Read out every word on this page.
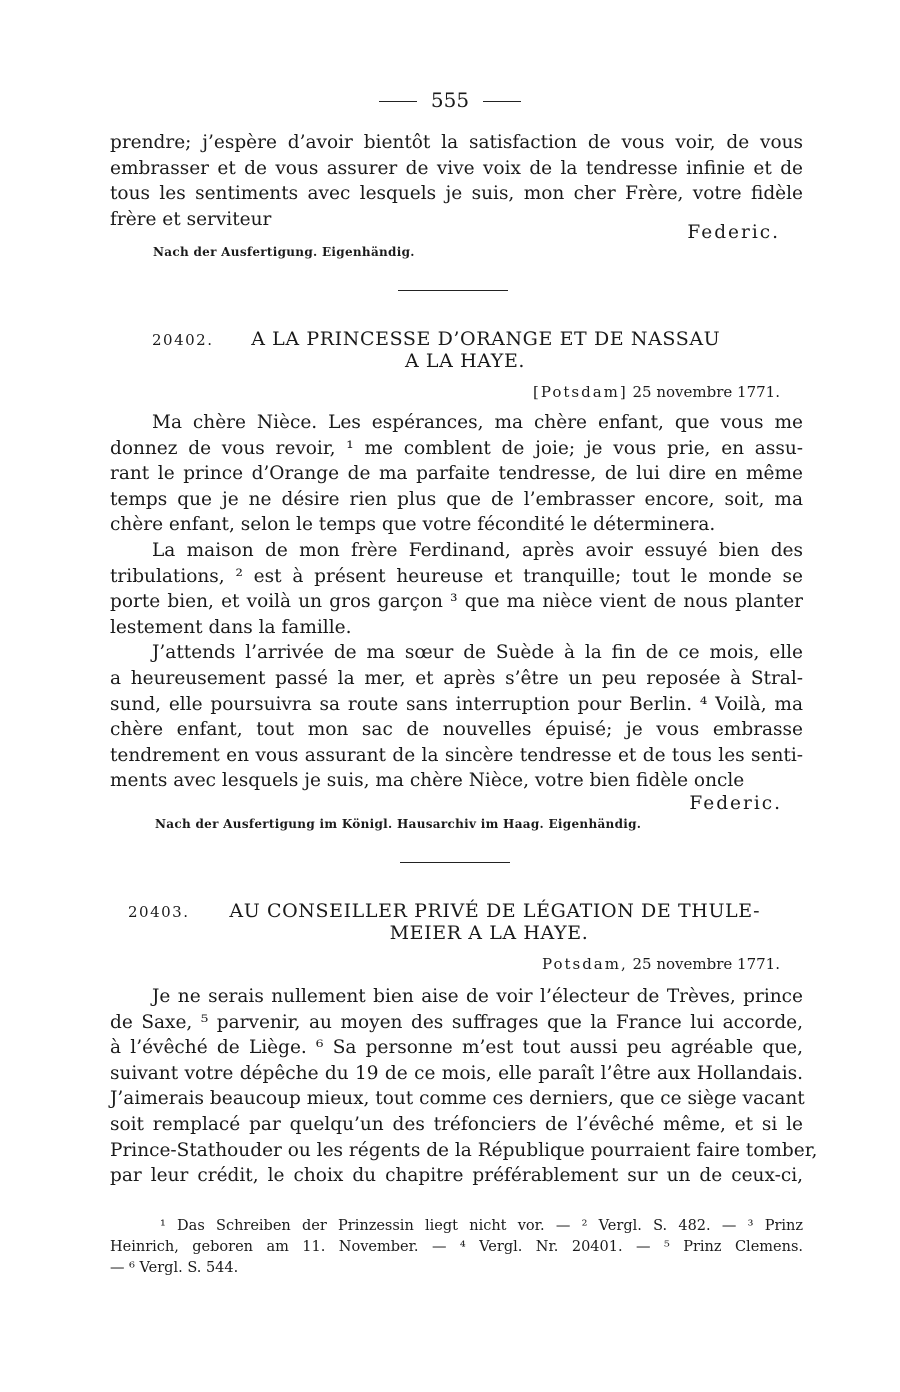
555
prendre; j’espère d’avoir bientôt la satisfaction de vous voir, de vous
embrasser et de vous assurer de vive voix de la tendresse infinie et de
tous les sentiments avec lesquels je suis, mon cher Frère, votre fidèle
frère et serviteur
Federic.
Nach der Ausfertigung. Eigenhändig.
20402. A LA PRINCESSE D’ORANGE ET DE NASSAU
A LA HAYE.
[Potsdam] 25 novembre 1771.
Ma chère Nièce. Les espérances, ma chère enfant, que vous me
donnez de vous revoir, ¹ me comblent de joie; je vous prie, en assu-
rant le prince d’Orange de ma parfaite tendresse, de lui dire en même
temps que je ne désire rien plus que de l’embrasser encore, soit, ma
chère enfant, selon le temps que votre fécondité le déterminera.
La maison de mon frère Ferdinand, après avoir essuyé bien des
tribulations, ² est à présent heureuse et tranquille; tout le monde se
porte bien, et voilà un gros garçon ³ que ma nièce vient de nous planter
lestement dans la famille.
J’attends l’arrivée de ma sœur de Suède à la fin de ce mois, elle
a heureusement passé la mer, et après s’être un peu reposée à Stral-
sund, elle poursuivra sa route sans interruption pour Berlin. ⁴ Voilà, ma
chère enfant, tout mon sac de nouvelles épuisé; je vous embrasse
tendrement en vous assurant de la sincère tendresse et de tous les senti-
ments avec lesquels je suis, ma chère Nièce, votre bien fidèle oncle
Federic.
Nach der Ausfertigung im Königl. Hausarchiv im Haag. Eigenhändig.
20403. AU CONSEILLER PRIVÉ DE LÉGATION DE THULE-
MEIER A LA HAYE.
Potsdam, 25 novembre 1771.
Je ne serais nullement bien aise de voir l’électeur de Trèves, prince
de Saxe, ⁵ parvenir, au moyen des suffrages que la France lui accorde,
à l’évêché de Liège. ⁶ Sa personne m’est tout aussi peu agréable que,
suivant votre dépêche du 19 de ce mois, elle paraît l’être aux Hollandais.
J’aimerais beaucoup mieux, tout comme ces derniers, que ce siège vacant
soit remplacé par quelqu’un des tréfonciers de l’évêché même, et si le
Prince-Stathouder ou les régents de la République pourraient faire tomber,
par leur crédit, le choix du chapitre préférablement sur un de ceux-ci,
¹ Das Schreiben der Prinzessin liegt nicht vor. — ² Vergl. S. 482. — ³ Prinz
Heinrich, geboren am 11. November. — ⁴ Vergl. Nr. 20401. — ⁵ Prinz Clemens.
— ⁶ Vergl. S. 544.
